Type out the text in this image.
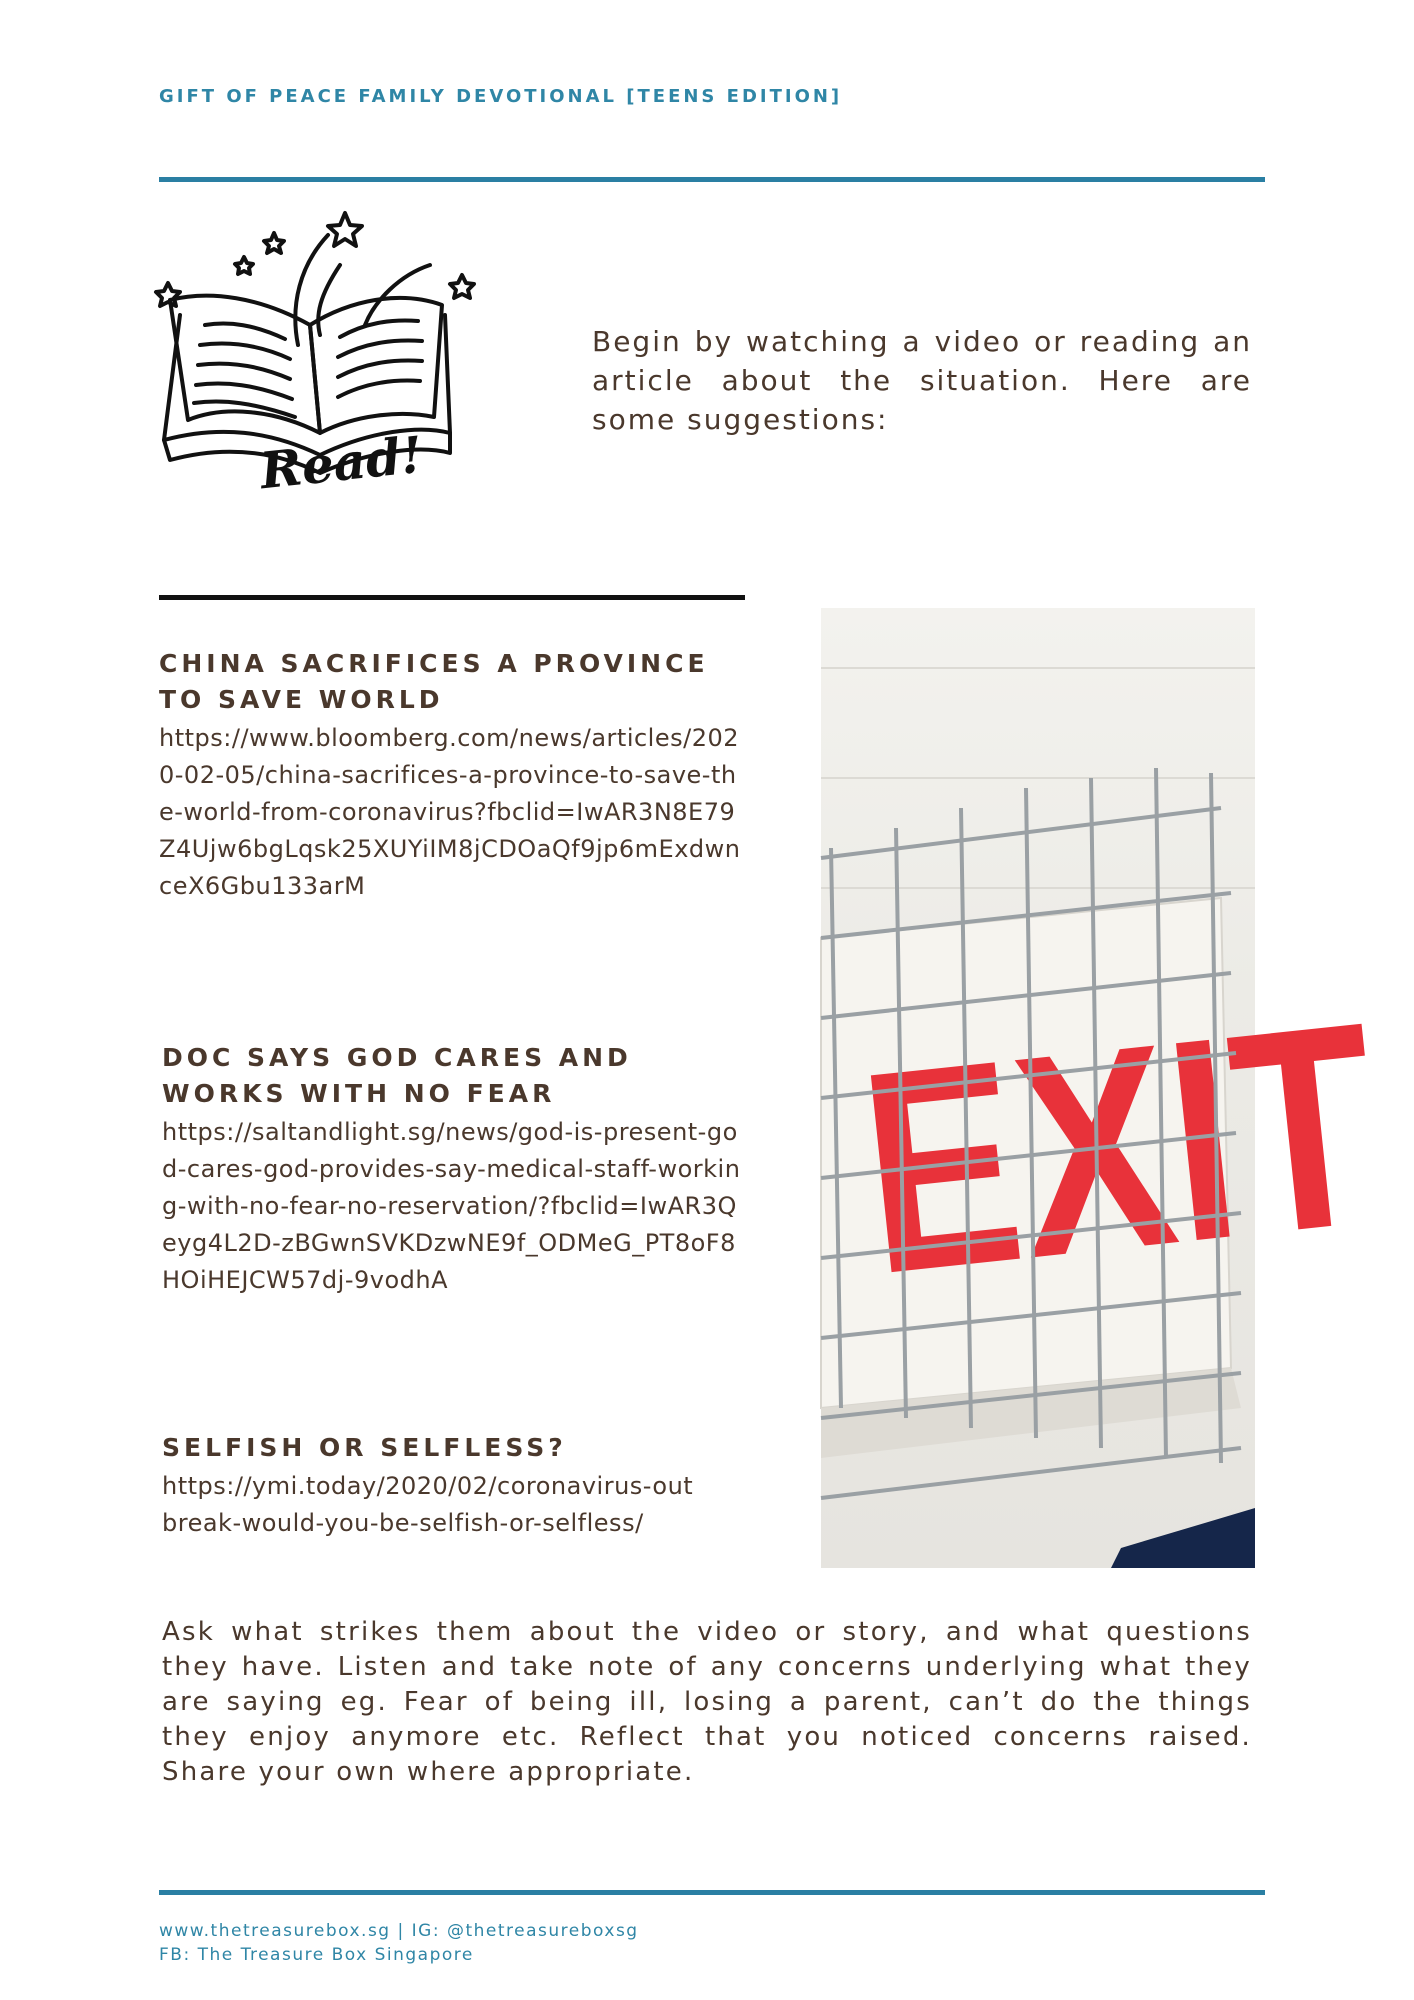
GIFT OF PEACE FAMILY DEVOTIONAL [TEENS EDITION]
Read!
Begin by watching a video or reading an article about the situation. Here are some suggestions:
CHINA SACRIFICES A PROVINCE TO SAVE WORLD
https://www.bloomberg.com/news/articles/2020-02-05/china-sacrifices-a-province-to-save-the-world-from-coronavirus?fbclid=IwAR3N8E79Z4Ujw6bgLqsk25XUYiIM8jCDOaQf9jp6mExdwnceX6Gbu133arM
DOC SAYS GOD CARES AND WORKS WITH NO FEAR
https://saltandlight.sg/news/god-is-present-god-cares-god-provides-say-medical-staff-working-with-no-fear-no-reservation/?fbclid=IwAR3Qeyg4L2D-zBGwnSVKDzwNE9f_ODMeG_PT8oF8HOiHEJCW57dj-9vodhA
SELFISH OR SELFLESS?
https://ymi.today/2020/02/coronavirus-outbreak-would-you-be-selfish-or-selfless/
EXIT
Ask what strikes them about the video or story, and what questions they have. Listen and take note of any concerns underlying what they are saying eg. Fear of being ill, losing a parent, can’t do the things they enjoy anymore etc. Reflect that you noticed concerns raised. Share your own where appropriate.
www.thetreasurebox.sg | IG: @thetreasureboxsg
FB: The Treasure Box Singapore
